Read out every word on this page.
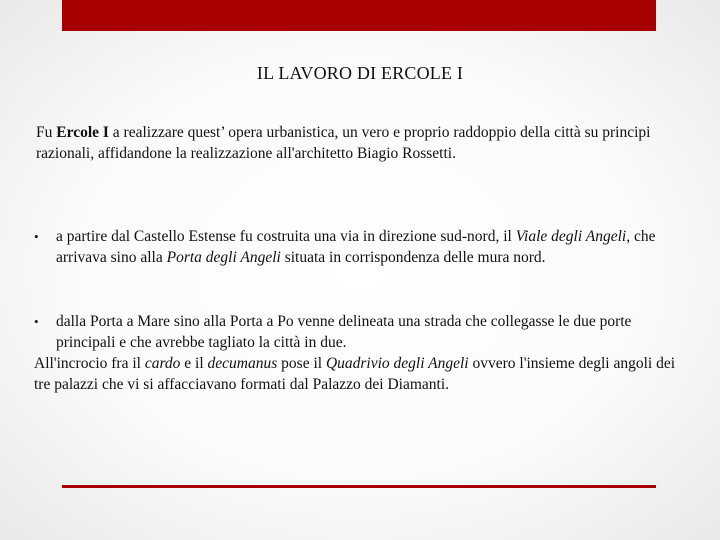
IL LAVORO DI ERCOLE I
Fu Ercole I a realizzare quest’ opera urbanistica, un vero e proprio raddoppio della città su principi razionali, affidandone la realizzazione all'architetto Biagio Rossetti.
•	a partire dal Castello Estense fu costruita una via in direzione sud-nord, il Viale degli Angeli, che arrivava sino alla Porta degli Angeli situata in corrispondenza delle mura nord.
•	dalla Porta a Mare sino alla Porta a Po venne delineata una strada che collegasse le due porte principali e che avrebbe tagliato la città in due.
All'incrocio fra il cardo e il decumanus pose il Quadrivio degli Angeli ovvero l'insieme degli angoli dei tre palazzi che vi si affacciavano formati dal Palazzo dei Diamanti.
